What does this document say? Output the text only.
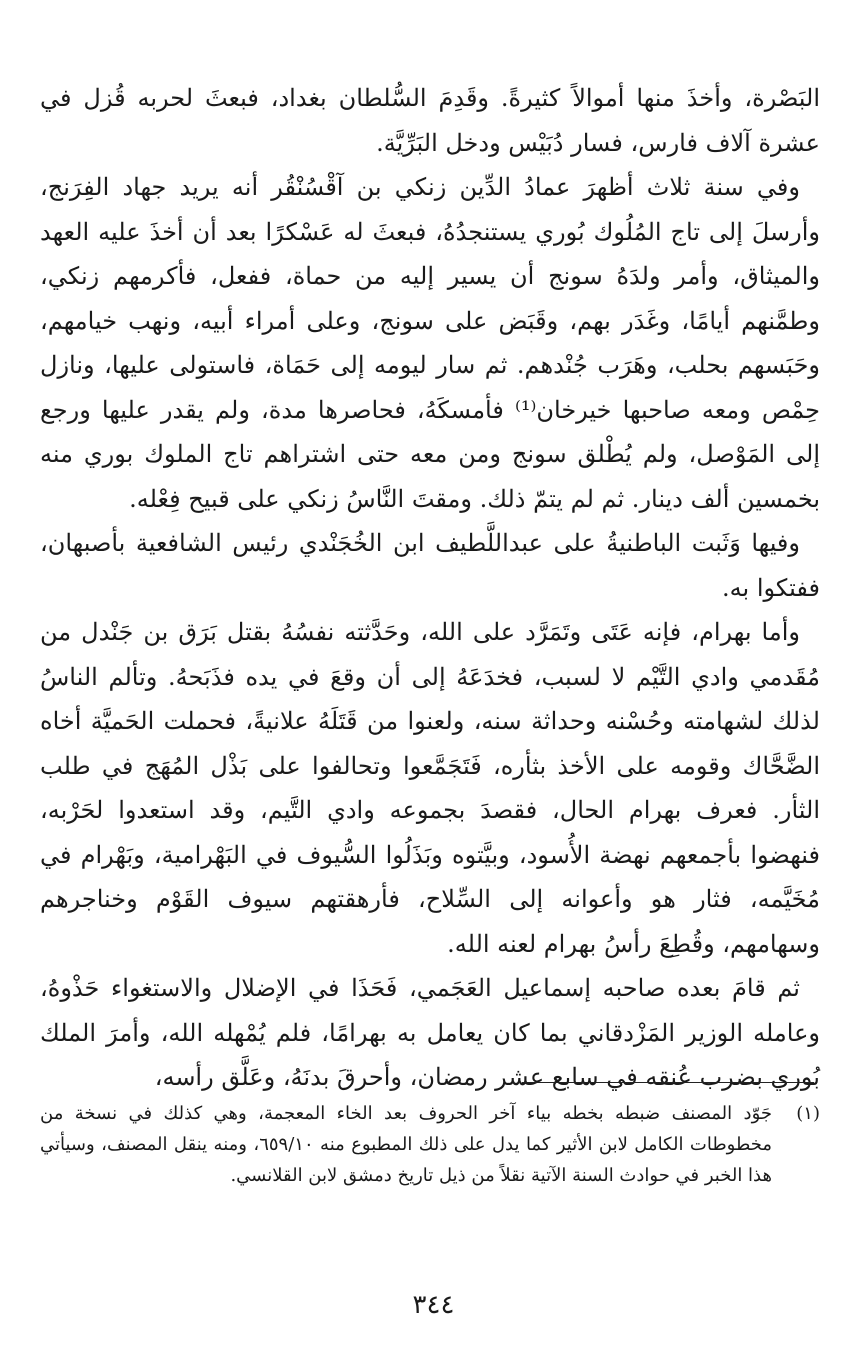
البَصْرة، وأخذَ منها أموالاً كثيرةً. وقَدِمَ السُّلطان بغداد، فبعثَ لحربه قُزل في عشرة آلاف فارس، فسار دُبَيْس ودخل البَرِّيَّة.

وفي سنة ثلاث أظهرَ عمادُ الدِّين زنكي بن آقْسُنْقُر أنه يريد جهاد الفِرَنج، وأرسلَ إلى تاج المُلُوك بُوري يستنجدُهُ، فبعثَ له عَسْكرًا بعد أن أخذَ عليه العهد والميثاق، وأمر ولدَهُ سونج أن يسير إليه من حماة، ففعل، فأكرمهم زنكي، وطمَّنهم أيامًا، وغَدَر بهم، وقَبَض على سونج، وعلى أمراء أبيه، ونهب خيامهم، وحَبَسهم بحلب، وهَرَب جُنْدهم. ثم سار ليومه إلى حَمَاة، فاستولى عليها، ونازل حِمْص ومعه صاحبها خيرخان⁽¹⁾ فأمسكَهُ، فحاصرها مدة، ولم يقدر عليها ورجع إلى المَوْصل، ولم يُطْلق سونج ومن معه حتى اشتراهم تاج الملوك بوري منه بخمسين ألف دينار. ثم لم يتمّ ذلك. ومقتَ النَّاسُ زنكي على قبيح فِعْله.

وفيها وَثَبت الباطنيةُ على عبداللَّطيف ابن الخُجَنْدي رئيس الشافعية بأصبهان، ففتكوا به.

وأما بهرام، فإنه عَتَى وتَمَرَّد على الله، وحَدَّثته نفسُهُ بقتل بَرَق بن جَنْدل من مُقَدمي وادي التَّيْم لا لسبب، فخدَعَهُ إلى أن وقعَ في يده فذَبَحهُ. وتألم الناسُ لذلك لشهامته وحُسْنه وحداثة سنه، ولعنوا من قَتَلَهُ علانيةً، فحملت الحَميَّة أخاه الضَّحَّاك وقومه على الأخذ بثأره، فَتَجَمَّعوا وتحالفوا على بَذْل المُهَج في طلب الثأر. فعرف بهرام الحال، فقصدَ بجموعه وادي التَّيم، وقد استعدوا لحَرْبه، فنهضوا بأجمعهم نهضة الأُسود، وبيَّتوه وبَذَلُوا السُّيوف في البَهْرامية، وبَهْرام في مُخَيَّمه، فثار هو وأعوانه إلى السِّلاح، فأرهقتهم سيوف القَوْم وخناجرهم وسهامهم، وقُطِعَ رأسُ بهرام لعنه الله.

ثم قامَ بعده صاحبه إسماعيل العَجَمي، فَحَذَا في الإضلال والاستغواء حَذْوهُ، وعامله الوزير المَزْدقاني بما كان يعامل به بهرامًا، فلم يُمْهله الله، وأمرَ الملك بُوري بضرب عُنقه في سابع عشر رمضان، وأحرقَ بدنَهُ، وعَلَّق رأسه،

(١)
جَوّد المصنف ضبطه بخطه بياء آخر الحروف بعد الخاء المعجمة، وهي كذلك في نسخة من مخطوطات الكامل لابن الأثير كما يدل على ذلك المطبوع منه ٦٥٩/١٠، ومنه ينقل المصنف، وسيأتي هذا الخبر في حوادث السنة الآتية نقلاً من ذيل تاريخ دمشق لابن القلانسي.
٣٤٤
